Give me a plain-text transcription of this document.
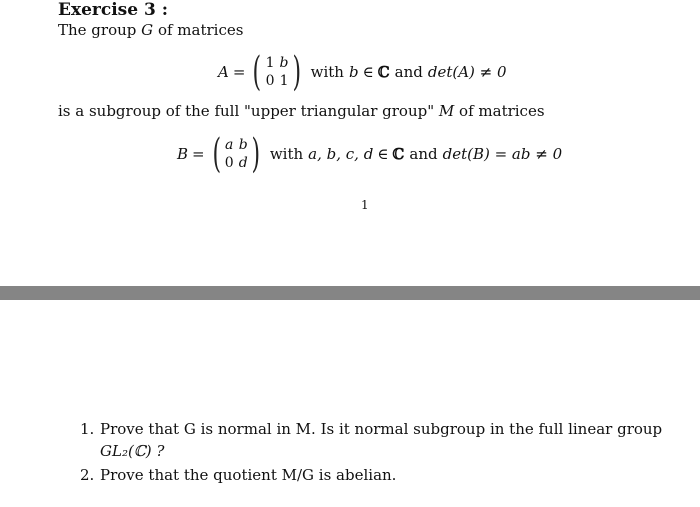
Exercise 3 :
The group G of matrices
A = ( 1 b
0 1 ) with b ∈ ℂ and det(A) ≠ 0
is a subgroup of the full "upper triangular group" M of matrices
B = ( a b
0 d ) with a, b, c, d ∈ ℂ and det(B) = ab ≠ 0
1
1. Prove that G is normal in M. Is it normal subgroup in the full linear group
GL₂(ℂ) ?
2. Prove that the quotient M/G is abelian.
